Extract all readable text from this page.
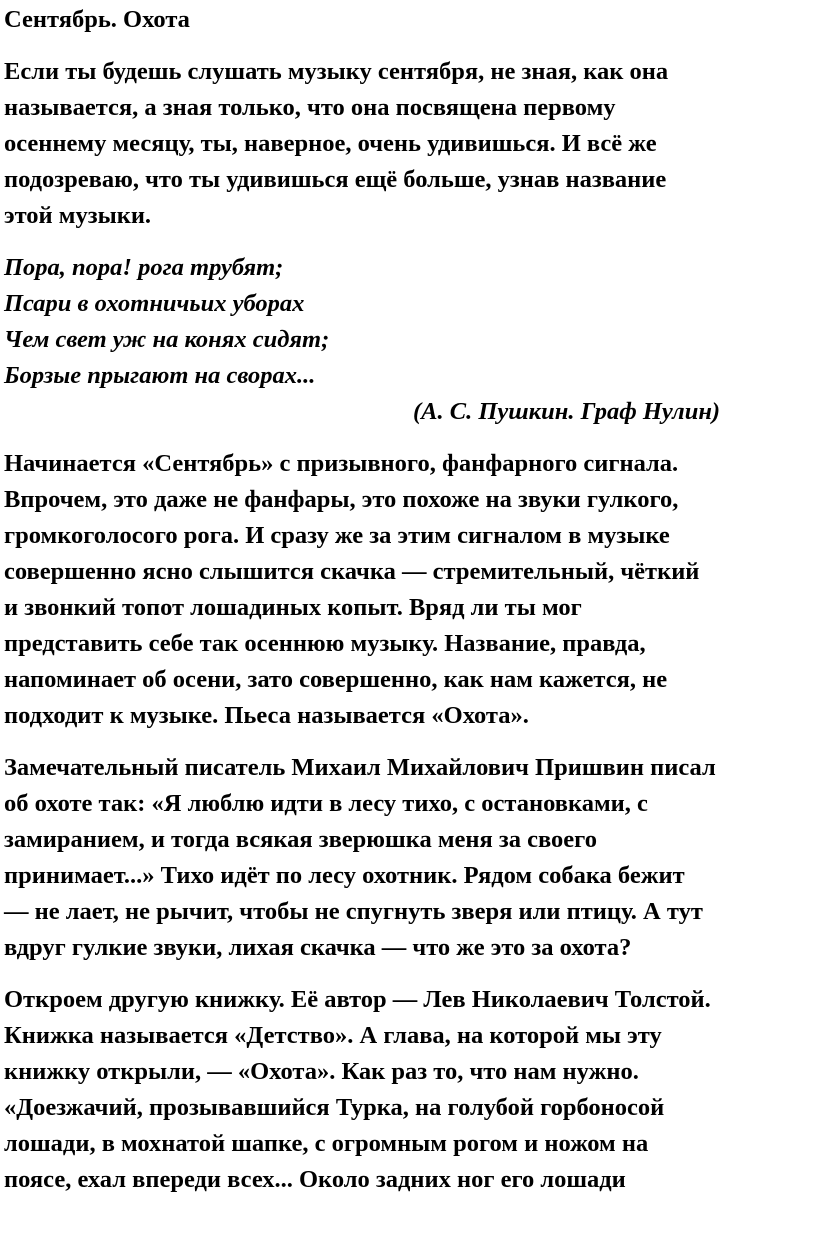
Сентябрь. Охота

Если ты будешь слушать музыку сентября, не зная, как она
называется, а зная только, что она посвящена первому
осеннему месяцу, ты, наверное, очень удивишься. И всё же
подозреваю, что ты удивишься ещё больше, узнав название
этой музыки.

Пора, пора! рога трубят;
Псари в охотничьих уборах
Чем свет уж на конях сидят;
Борзые прыгают на сворах...
(А. С. Пушкин. Граф Нулин)

Начинается «Сентябрь» с призывного, фанфарного сигнала.
Впрочем, это даже не фанфары, это похоже на звуки гулкого,
громкоголосого рога. И сразу же за этим сигналом в музыке
совершенно ясно слышится скачка — стремительный, чёткий
и звонкий топот лошадиных копыт. Вряд ли ты мог
представить себе так осеннюю музыку. Название, правда,
напоминает об осени, зато совершенно, как нам кажется, не
подходит к музыке. Пьеса называется «Охота».

Замечательный писатель Михаил Михайлович Пришвин писал
об охоте так: «Я люблю идти в лесу тихо, с остановками, с
замиранием, и тогда всякая зверюшка меня за своего
принимает...» Тихо идёт по лесу охотник. Рядом собака бежит
— не лает, не рычит, чтобы не спугнуть зверя или птицу. А тут
вдруг гулкие звуки, лихая скачка — что же это за охота?

Откроем другую книжку. Её автор — Лев Николаевич Толстой.
Книжка называется «Детство». А глава, на которой мы эту
книжку открыли, — «Охота». Как раз то, что нам нужно.
«Доезжачий, прозывавшийся Турка, на голубой горбоносой
лошади, в мохнатой шапке, с огромным рогом и ножом на
поясе, ехал впереди всех... Около задних ног его лошади
